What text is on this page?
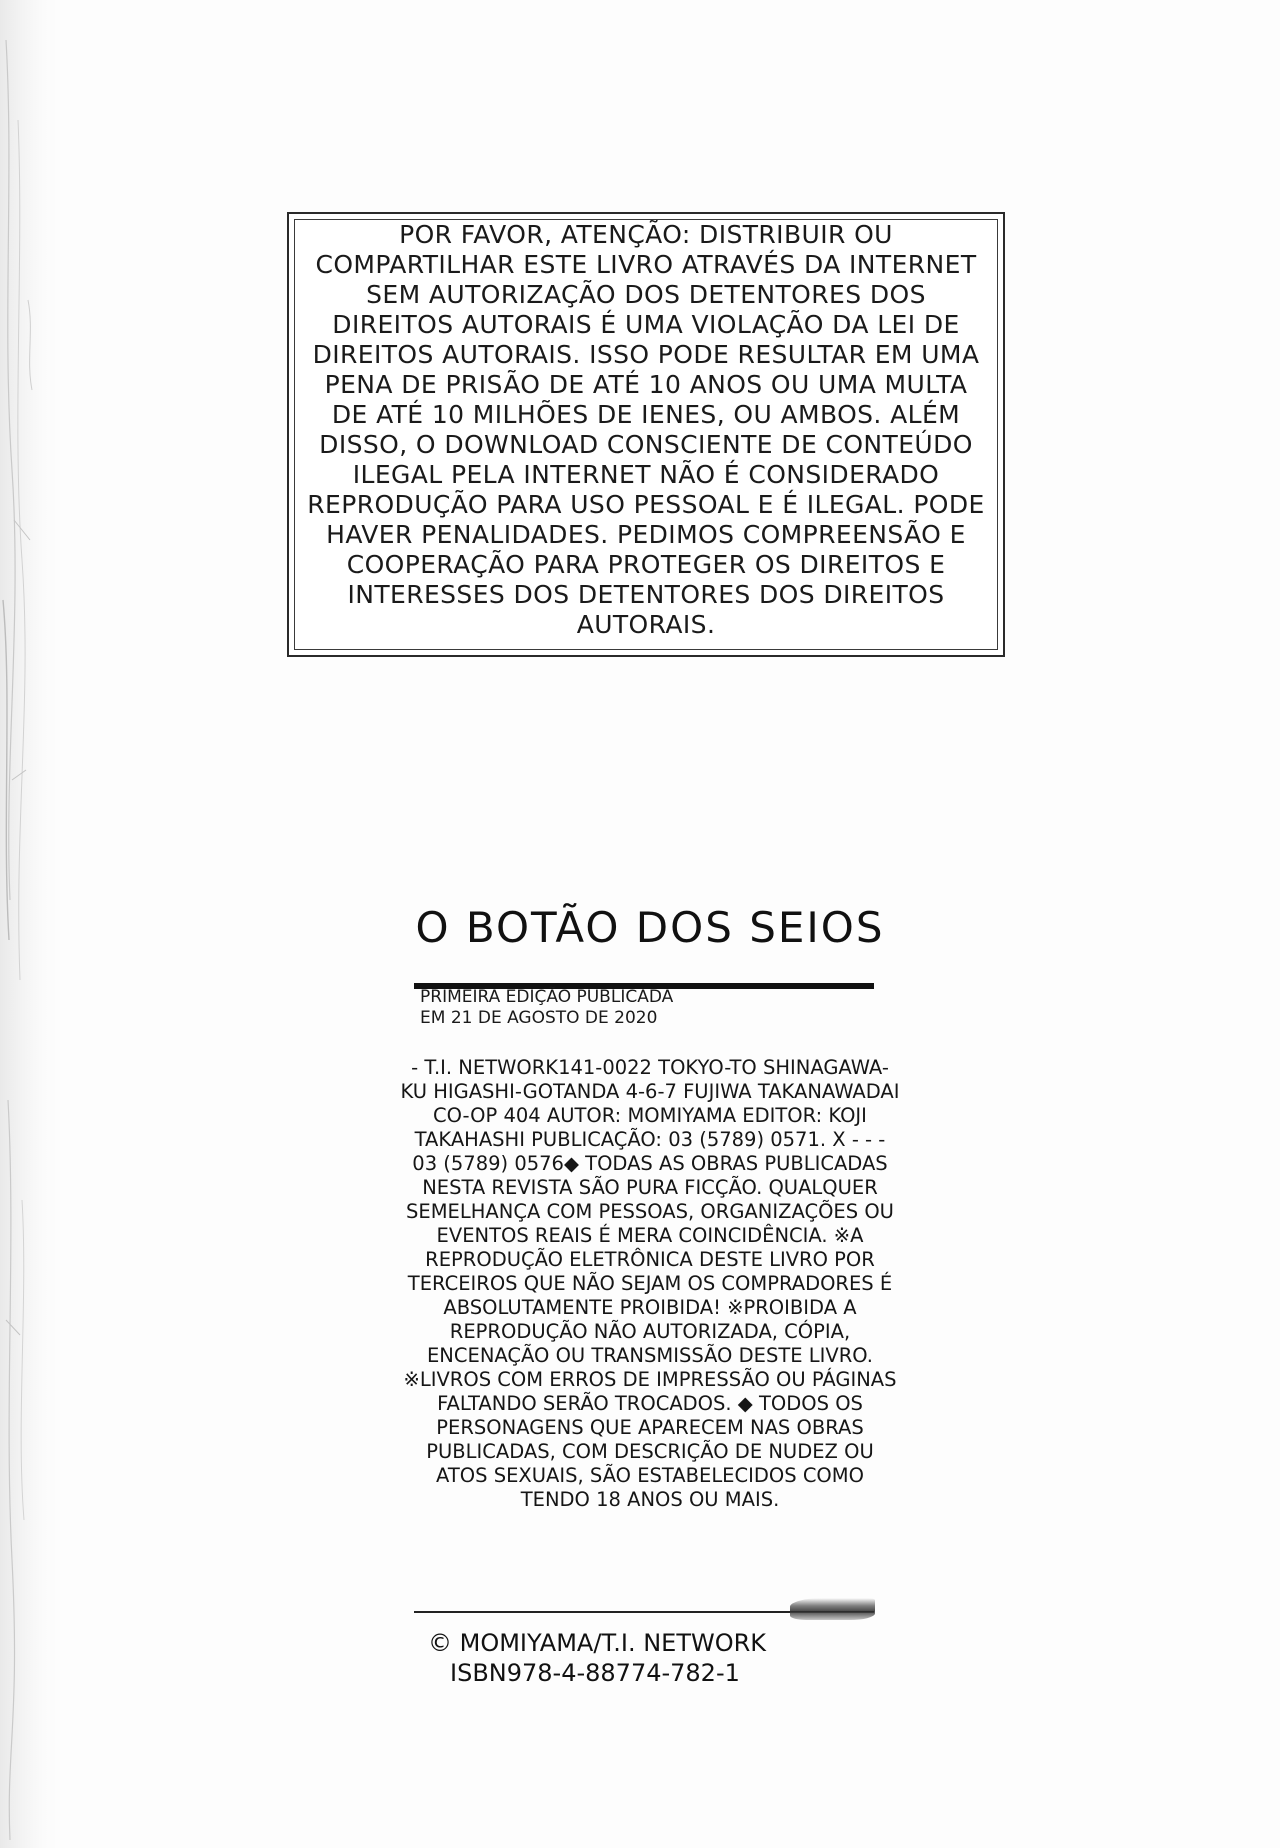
POR FAVOR, ATENÇÃO: DISTRIBUIR OU COMPARTILHAR ESTE LIVRO ATRAVÉS DA INTERNET SEM AUTORIZAÇÃO DOS DETENTORES DOS DIREITOS AUTORAIS É UMA VIOLAÇÃO DA LEI DE DIREITOS AUTORAIS. ISSO PODE RESULTAR EM UMA PENA DE PRISÃO DE ATÉ 10 ANOS OU UMA MULTA DE ATÉ 10 MILHÕES DE IENES, OU AMBOS. ALÉM DISSO, O DOWNLOAD CONSCIENTE DE CONTEÚDO ILEGAL PELA INTERNET NÃO É CONSIDERADO REPRODUÇÃO PARA USO PESSOAL E É ILEGAL. PODE HAVER PENALIDADES. PEDIMOS COMPREENSÃO E COOPERAÇÃO PARA PROTEGER OS DIREITOS E INTERESSES DOS DETENTORES DOS DIREITOS AUTORAIS.
O BOTÃO DOS SEIOS
PRIMEIRA EDIÇÃO PUBLICADA
EM 21 DE AGOSTO DE 2020
- T.I. NETWORK141-0022 TOKYO-TO SHINAGAWA-KU HIGASHI-GOTANDA 4-6-7 FUJIWA TAKANAWADAI CO-OP 404 AUTOR: MOMIYAMA EDITOR: KOJI TAKAHASHI PUBLICAÇÃO: 03 (5789) 0571. X - - - 03 (5789) 0576◆ TODAS AS OBRAS PUBLICADAS NESTA REVISTA SÃO PURA FICÇÃO. QUALQUER SEMELHANÇA COM PESSOAS, ORGANIZAÇÕES OU EVENTOS REAIS É MERA COINCIDÊNCIA. ※A REPRODUÇÃO ELETRÔNICA DESTE LIVRO POR TERCEIROS QUE NÃO SEJAM OS COMPRADORES É ABSOLUTAMENTE PROIBIDA! ※PROIBIDA A REPRODUÇÃO NÃO AUTORIZADA, CÓPIA, ENCENAÇÃO OU TRANSMISSÃO DESTE LIVRO. ※LIVROS COM ERROS DE IMPRESSÃO OU PÁGINAS FALTANDO SERÃO TROCADOS. ◆ TODOS OS PERSONAGENS QUE APARECEM NAS OBRAS PUBLICADAS, COM DESCRIÇÃO DE NUDEZ OU ATOS SEXUAIS, SÃO ESTABELECIDOS COMO TENDO 18 ANOS OU MAIS.
© MOMIYAMA/T.I. NETWORK
ISBN978-4-88774-782-1
